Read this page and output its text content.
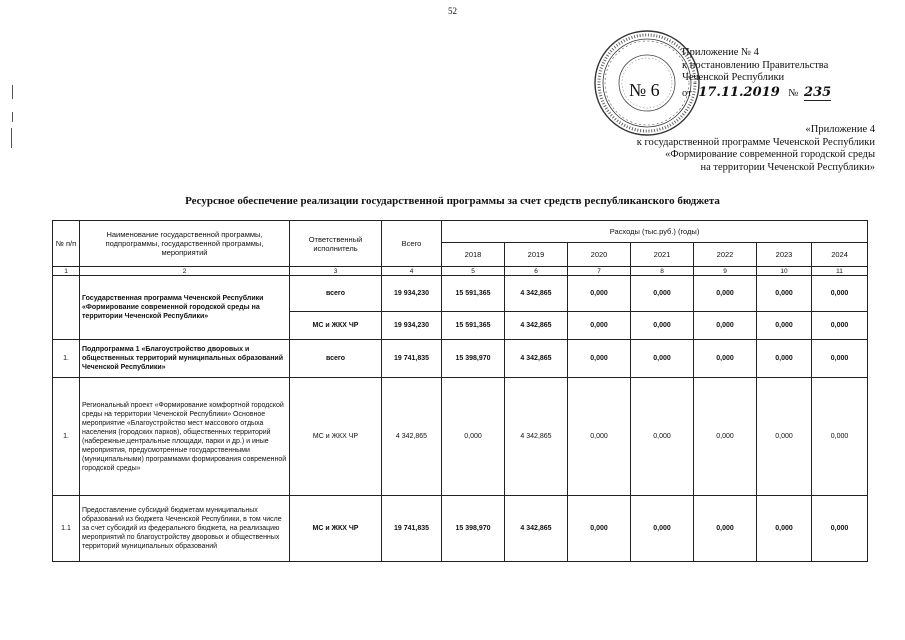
52
№ 6
Приложение № 4
к постановлению Правительства
Чеченской Республики
от 17.11.2019 № 235
«Приложение 4
к государственной программе Чеченской Республики
«Формирование современной городской среды
на территории Чеченской Республики»
Ресурсное обеспечение реализации государственной программы за счет средств республиканского бюджета
№ п/п	Наименование государственной программы, подпрограммы, государственной программы, мероприятий	Ответственный исполнитель	Всего	Расходы (тыс.руб.) (годы)						
				2018	2019	2020	2021	2022	2023	2024
1	2	3	4	5	6	7	8	9	10	11
	Государственная программа Чеченской Республики «Формирование современной городской среды на территории Чеченской Республики»	всего	19 934,230	15 591,365	4 342,865	0,000	0,000	0,000	0,000	0,000
		МС и ЖКХ ЧР	19 934,230	15 591,365	4 342,865	0,000	0,000	0,000	0,000	0,000
1.	Подпрограмма 1 «Благоустройство дворовых и общественных территорий муниципальных образований Чеченской Республики»	всего	19 741,835	15 398,970	4 342,865	0,000	0,000	0,000	0,000	0,000
1.	Региональный проект «Формирование комфортной городской среды на территории Чеченской Республики» Основное мероприятие «Благоустройство мест массового отдыха населения (городских парков), общественных территорий (набережные,центральные площади, парки и др.) и иные мероприятия, предусмотренные государственными (муниципальными) программами формирования современной городской среды»	МС и ЖКХ ЧР	4 342,865	0,000	4 342,865	0,000	0,000	0,000	0,000	0,000
1.1	Предоставление субсидий бюджетам муниципальных образований из бюджета Чеченской Республики, в том числе за счет субсидий из федерального бюджета, на реализацию мероприятий по благоустройству дворовых и общественных территорий муниципальных образований	МС и ЖКХ ЧР	19 741,835	15 398,970	4 342,865	0,000	0,000	0,000	0,000	0,000
